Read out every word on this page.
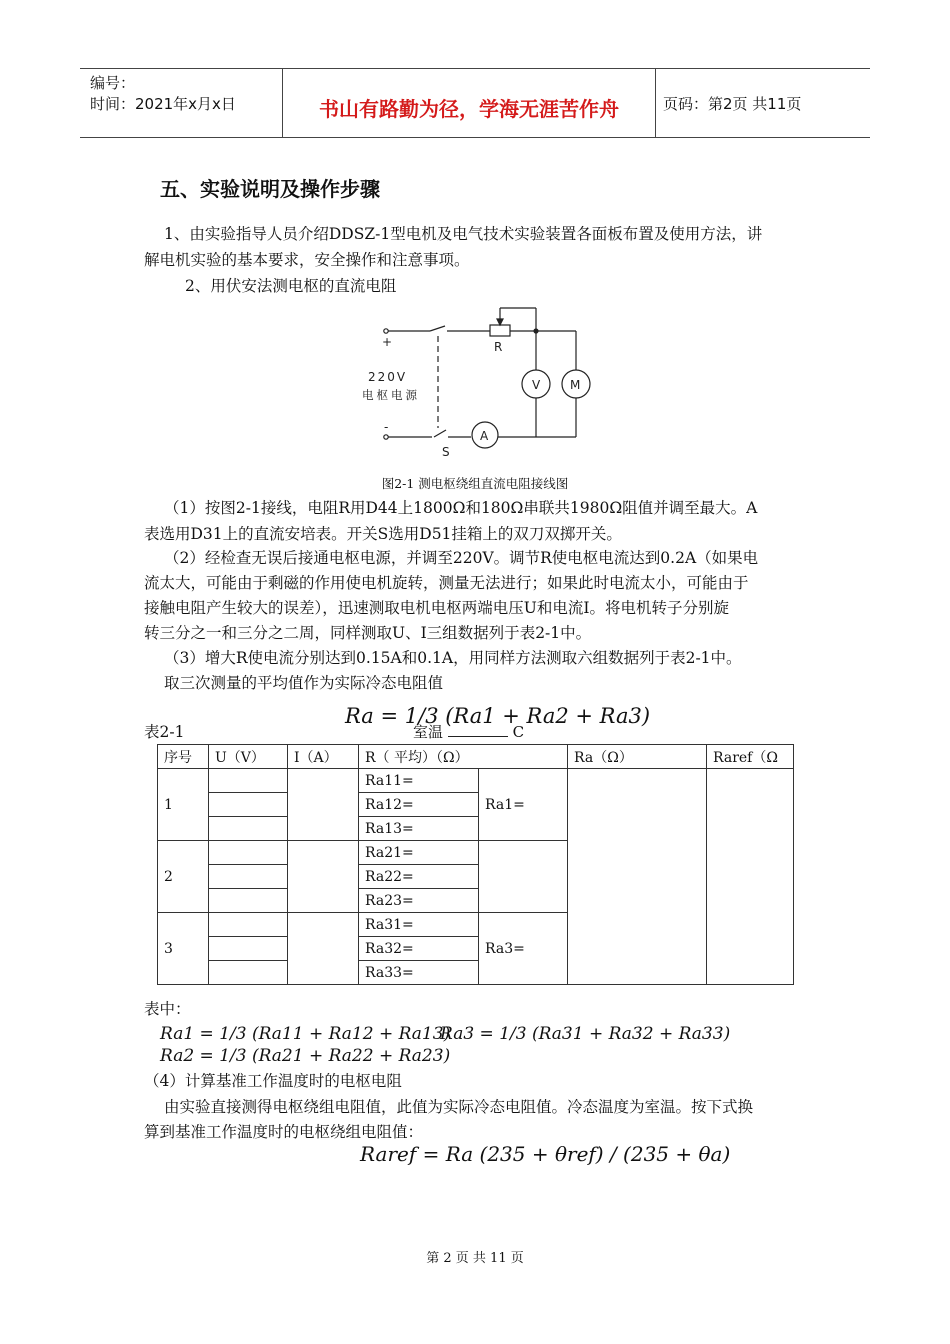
编号：
时间：2021年x月x日	书山有路勤为径，学海无涯苦作舟	页码：第2页 共11页
五、实验说明及操作步骤
1、由实验指导人员介绍DDSZ-1型电机及电气技术实验装置各面板布置及使用方法，讲
解电机实验的基本要求，安全操作和注意事项。
2、用伏安法测电枢的直流电阻
+
-
220V
电枢电源
R
S
V M
A
图2-1 测电枢绕组直流电阻接线图
（1）按图2-1接线，电阻R用D44上1800Ω和180Ω串联共1980Ω阻值并调至最大。A
表选用D31上的直流安培表。开关S选用D51挂箱上的双刀双掷开关。
（2）经检查无误后接通电枢电源，并调至220V。调节R使电枢电流达到0.2A（如果电
流太大，可能由于剩磁的作用使电机旋转，测量无法进行；如果此时电流太小，可能由于
接触电阻产生较大的误差），迅速测取电机电枢两端电压U和电流I。将电机转子分别旋
转三分之一和三分之二周，同样测取U、I三组数据列于表2-1中。
（3）增大R使电流分别达到0.15A和0.1A，用同样方法测取六组数据列于表2-1中。
取三次测量的平均值作为实际冷态电阻值
Ra = 1/3 (Ra1 + Ra2 + Ra3)
表2-1	室温	C
序号	U（V）	I（A）	R（ 平均）（Ω）		Ra（Ω）	Raref（Ω
1			Ra11=	Ra1=		
			Ra12=			
			Ra13=			
2			Ra21=			
			Ra22=			
			Ra23=			
3			Ra31=	Ra3=		
			Ra32=			
			Ra33=			
表中：
Ra1 = 1/3 (Ra11 + Ra12 + Ra13)
Ra2 = 1/3 (Ra21 + Ra22 + Ra23)
Ra3 = 1/3 (Ra31 + Ra32 + Ra33)
（4）计算基准工作温度时的电枢电阻
由实验直接测得电枢绕组电阻值，此值为实际冷态电阻值。冷态温度为室温。按下式换
算到基准工作温度时的电枢绕组电阻值：
Raref = Ra (235 + θref) / (235 + θa)
第 2 页 共 11 页
